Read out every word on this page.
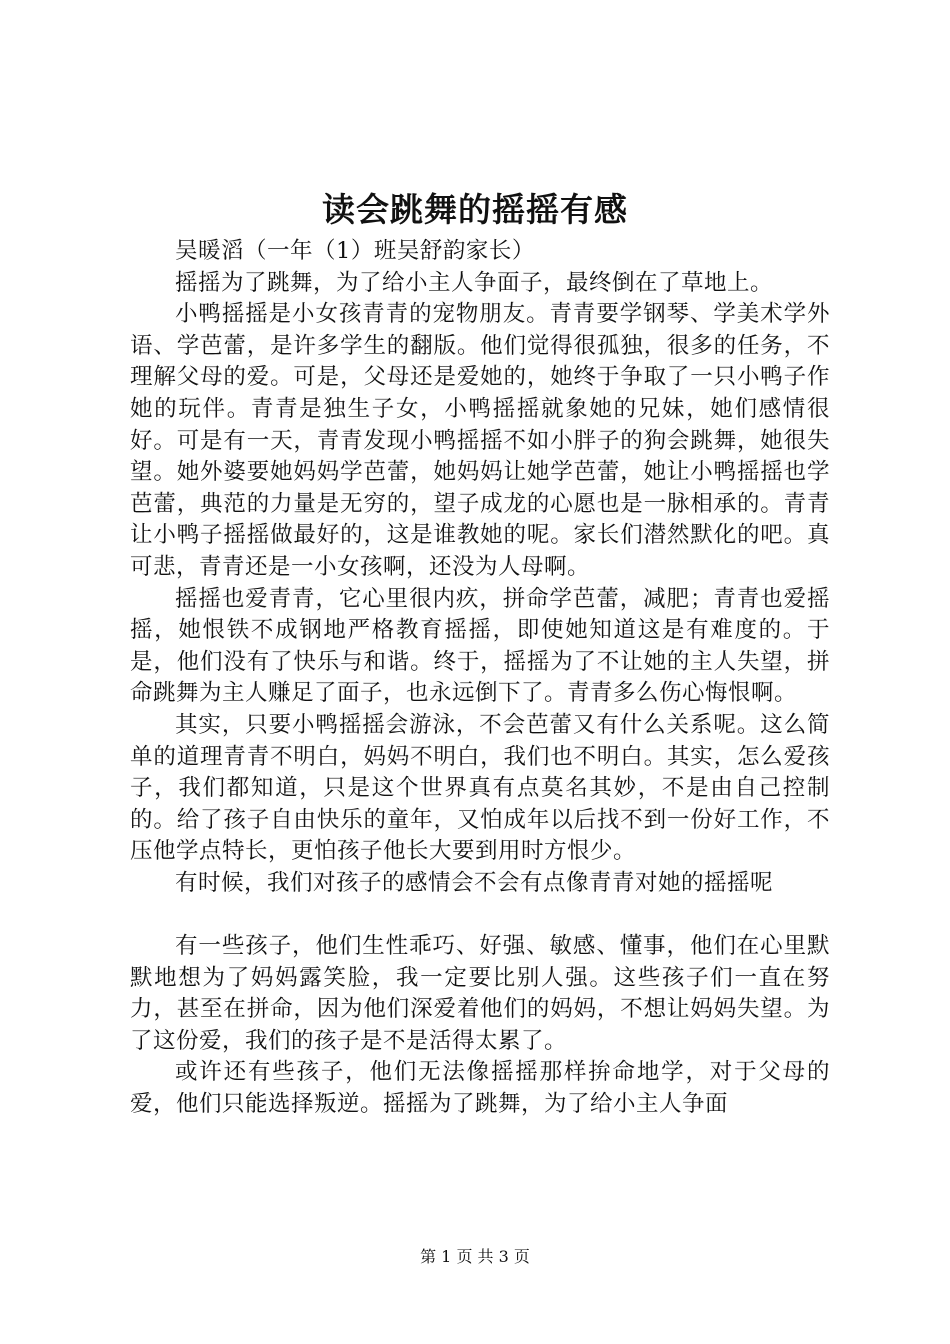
读会跳舞的摇摇有感

吴暖滔（一年（1）班吴舒韵家长）

摇摇为了跳舞，为了给小主人争面子，最终倒在了草地上。

小鸭摇摇是小女孩青青的宠物朋友。青青要学钢琴、学美术学外语、学芭蕾，是许多学生的翻版。他们觉得很孤独，很多的任务，不理解父母的爱。可是，父母还是爱她的，她终于争取了一只小鸭子作她的玩伴。青青是独生子女，小鸭摇摇就象她的兄妹，她们感情很好。可是有一天，青青发现小鸭摇摇不如小胖子的狗会跳舞，她很失望。她外婆要她妈妈学芭蕾，她妈妈让她学芭蕾，她让小鸭摇摇也学芭蕾，典范的力量是无穷的，望子成龙的心愿也是一脉相承的。青青让小鸭子摇摇做最好的，这是谁教她的呢。家长们潜然默化的吧。真可悲，青青还是一小女孩啊，还没为人母啊。

摇摇也爱青青，它心里很内疚，拼命学芭蕾，减肥；青青也爱摇摇，她恨铁不成钢地严格教育摇摇，即使她知道这是有难度的。于是，他们没有了快乐与和谐。终于，摇摇为了不让她的主人失望，拼命跳舞为主人赚足了面子，也永远倒下了。青青多么伤心悔恨啊。

其实，只要小鸭摇摇会游泳，不会芭蕾又有什么关系呢。这么简单的道理青青不明白，妈妈不明白，我们也不明白。其实，怎么爱孩子，我们都知道，只是这个世界真有点莫名其妙，不是由自己控制的。给了孩子自由快乐的童年，又怕成年以后找不到一份好工作，不压他学点特长，更怕孩子他长大要到用时方恨少。

有时候，我们对孩子的感情会不会有点像青青对她的摇摇呢

有一些孩子，他们生性乖巧、好强、敏感、懂事，他们在心里默默地想为了妈妈露笑脸，我一定要比别人强。这些孩子们一直在努力，甚至在拼命，因为他们深爱着他们的妈妈，不想让妈妈失望。为了这份爱，我们的孩子是不是活得太累了。

或许还有些孩子，他们无法像摇摇那样拚命地学，对于父母的爱，他们只能选择叛逆。摇摇为了跳舞，为了给小主人争面

第 1 页 共 3 页
